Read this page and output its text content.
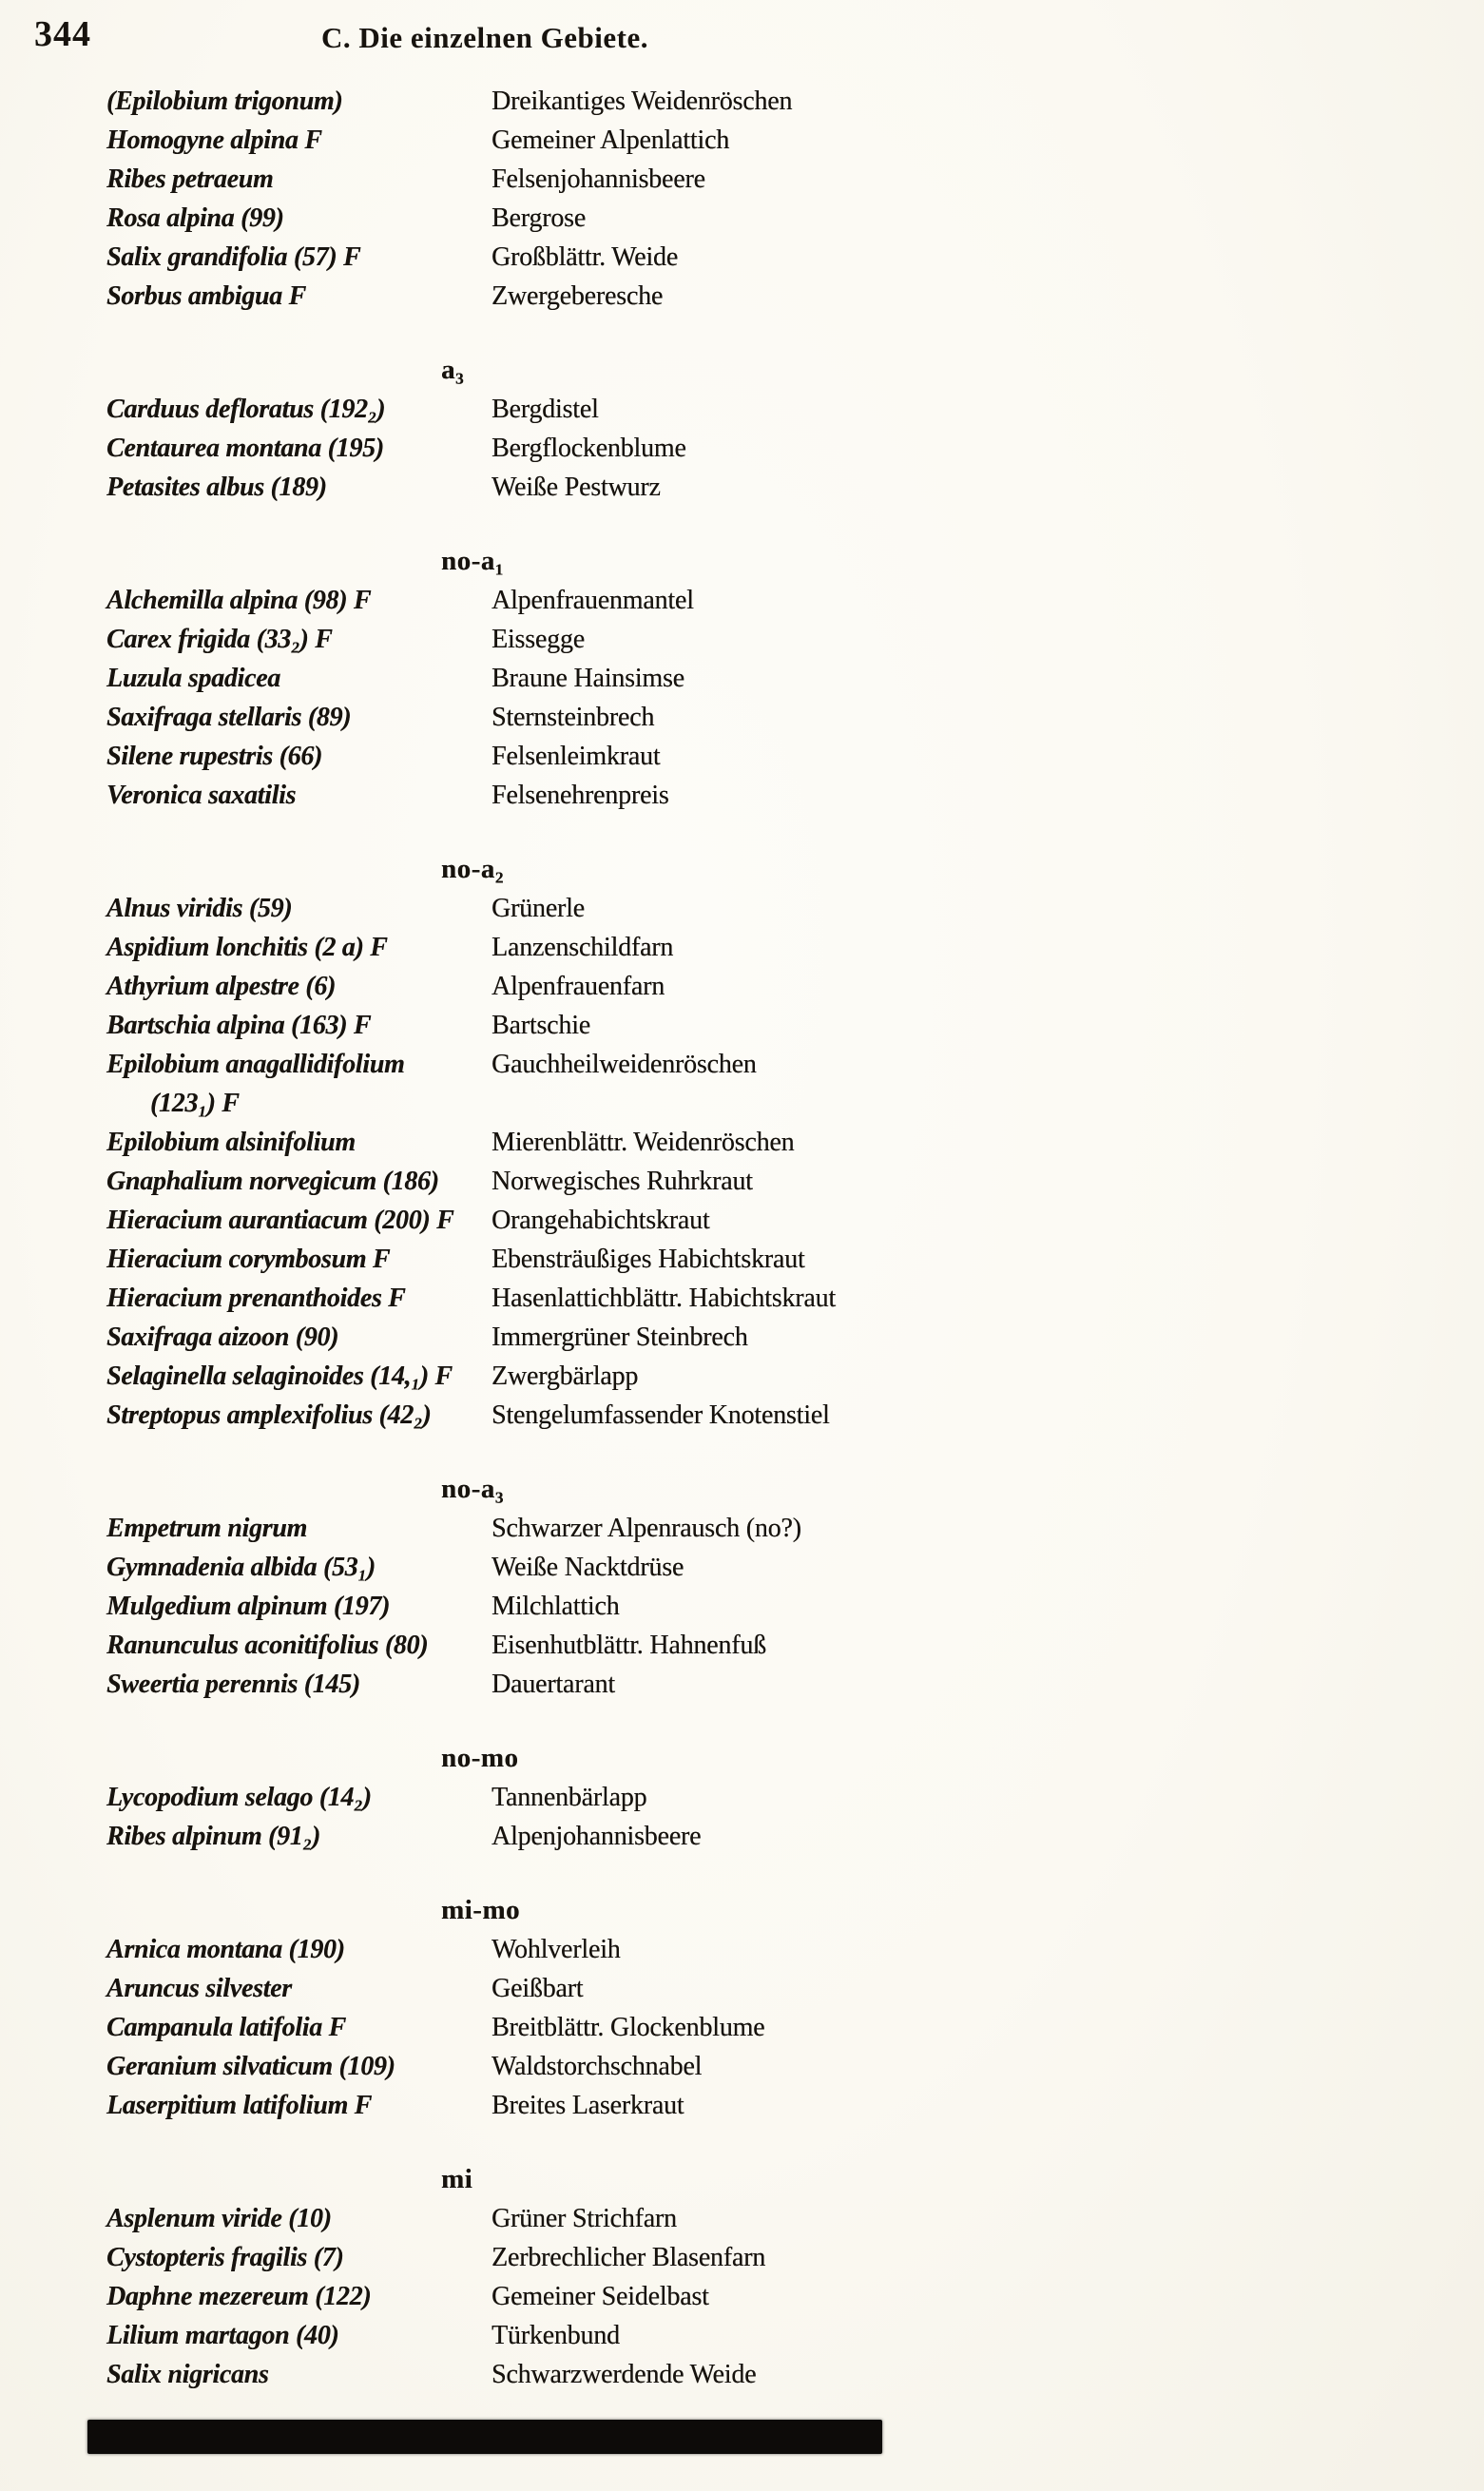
344	C. Die einzelnen Gebiete.
(Epilobium trigonum)	Dreikantiges Weidenröschen
Homogyne alpina F	Gemeiner Alpenlattich
Ribes petraeum	Felsenjohannisbeere
Rosa alpina (99)	Bergrose
Salix grandifolia (57) F	Großblättr. Weide
Sorbus ambigua F	Zwergeberesche
a₃
Carduus defloratus (192₂)	Bergdistel
Centaurea montana (195)	Bergflockenblume
Petasites albus (189)	Weiße Pestwurz
no-a₁
Alchemilla alpina (98) F	Alpenfrauenmantel
Carex frigida (33₂) F	Eissegge
Luzula spadicea	Braune Hainsimse
Saxifraga stellaris (89)	Sternsteinbrech
Silene rupestris (66)	Felsenleimkraut
Veronica saxatilis	Felsenehrenpreis
no-a₂
Alnus viridis (59)	Grünerle
Aspidium lonchitis (2 a) F	Lanzenschildfarn
Athyrium alpestre (6)	Alpenfrauenfarn
Bartschia alpina (163) F	Bartschie
Epilobium anagallidifolium	Gauchheilweidenröschen
(123₁) F
Epilobium alsinifolium	Mierenblättr. Weidenröschen
Gnaphalium norvegicum (186)	Norwegisches Ruhrkraut
Hieracium aurantiacum (200) F	Orangehabichtskraut
Hieracium corymbosum F	Ebensträußiges Habichtskraut
Hieracium prenanthoides F	Hasenlattichblättr. Habichtskraut
Saxifraga aizoon (90)	Immergrüner Steinbrech
Selaginella selaginoides (14,₁) F	Zwergbärlapp
Streptopus amplexifolius (42₂)	Stengelumfassender Knotenstiel
no-a₃
Empetrum nigrum	Schwarzer Alpenrausch (no?)
Gymnadenia albida (53₁)	Weiße Nacktdrüse
Mulgedium alpinum (197)	Milchlattich
Ranunculus aconitifolius (80)	Eisenhutblättr. Hahnenfuß
Sweertia perennis (145)	Dauertarant
no-mo
Lycopodium selago (14₂)	Tannenbärlapp
Ribes alpinum (91₂)	Alpenjohannisbeere
mi-mo
Arnica montana (190)	Wohlverleih
Aruncus silvester	Geißbart
Campanula latifolia F	Breitblättr. Glockenblume
Geranium silvaticum (109)	Waldstorchschnabel
Laserpitium latifolium F	Breites Laserkraut
mi
Asplenum viride (10)	Grüner Strichfarn
Cystopteris fragilis (7)	Zerbrechlicher Blasenfarn
Daphne mezereum (122)	Gemeiner Seidelbast
Lilium martagon (40)	Türkenbund
Salix nigricans	Schwarzwerdende Weide
